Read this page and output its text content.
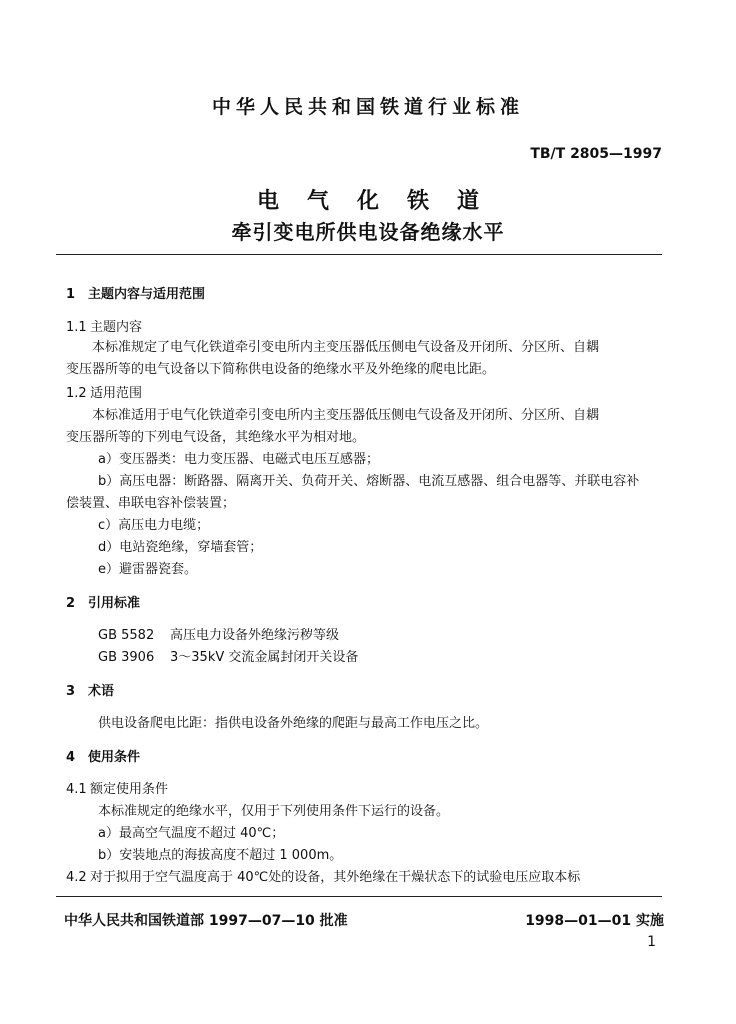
中华人民共和国铁道行业标准
TB/T 2805—1997
电气化铁道
牵引变电所供电设备绝缘水平
1 主题内容与适用范围
1.1 主题内容
本标准规定了电气化铁道牵引变电所内主变压器低压侧电气设备及开闭所、分区所、自耦
变压器所等的电气设备以下简称供电设备的绝缘水平及外绝缘的爬电比距。
1.2 适用范围
本标准适用于电气化铁道牵引变电所内主变压器低压侧电气设备及开闭所、分区所、自耦
变压器所等的下列电气设备，其绝缘水平为相对地。
a）变压器类：电力变压器、电磁式电压互感器；
b）高压电器：断路器、隔离开关、负荷开关、熔断器、电流互感器、组合电器等、并联电容补
偿装置、串联电容补偿装置；
c）高压电力电缆；
d）电站瓷绝缘，穿墙套管；
e）避雷器瓷套。
2 引用标准
GB 5582 高压电力设备外绝缘污秽等级
GB 3906 3～35kV 交流金属封闭开关设备
3 术语
供电设备爬电比距：指供电设备外绝缘的爬距与最高工作电压之比。
4 使用条件
4.1 额定使用条件
本标准规定的绝缘水平，仅用于下列使用条件下运行的设备。
a）最高空气温度不超过 40℃；
b）安装地点的海拔高度不超过 1 000m。
4.2 对于拟用于空气温度高于 40℃处的设备，其外绝缘在干燥状态下的试验电压应取本标
中华人民共和国铁道部 1997—07—10 批准	1998—01—01 实施
1
